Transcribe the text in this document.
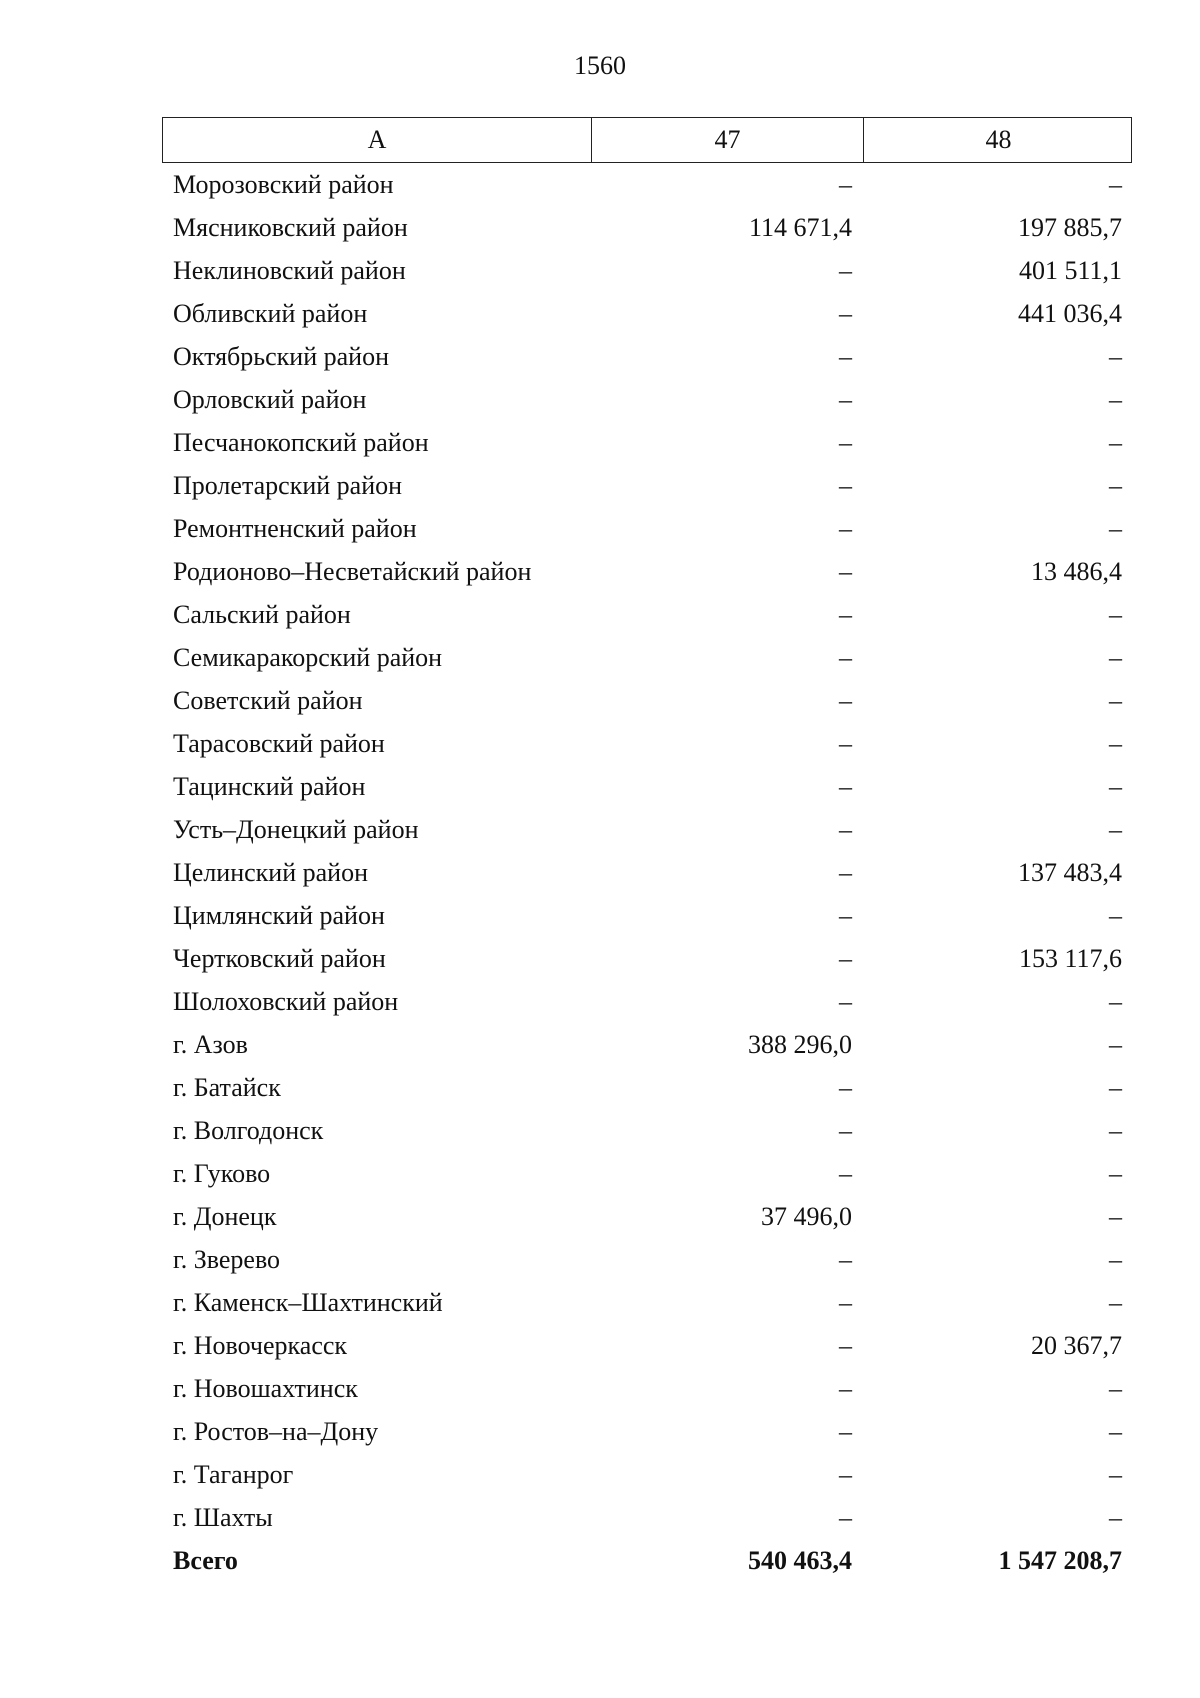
1560
А	47	48
Морозовский район	–	–
Мясниковский район	114 671,4	197 885,7
Неклиновский район	–	401 511,1
Обливский район	–	441 036,4
Октябрьский район	–	–
Орловский район	–	–
Песчанокопский район	–	–
Пролетарский район	–	–
Ремонтненский район	–	–
Родионово–Несветайский район	–	13 486,4
Сальский район	–	–
Семикаракорский район	–	–
Советский район	–	–
Тарасовский район	–	–
Тацинский район	–	–
Усть–Донецкий район	–	–
Целинский район	–	137 483,4
Цимлянский район	–	–
Чертковский район	–	153 117,6
Шолоховский район	–	–
г. Азов	388 296,0	–
г. Батайск	–	–
г. Волгодонск	–	–
г. Гуково	–	–
г. Донецк	37 496,0	–
г. Зверево	–	–
г. Каменск–Шахтинский	–	–
г. Новочеркасск	–	20 367,7
г. Новошахтинск	–	–
г. Ростов–на–Дону	–	–
г. Таганрог	–	–
г. Шахты	–	–
Всего	540 463,4	1 547 208,7
